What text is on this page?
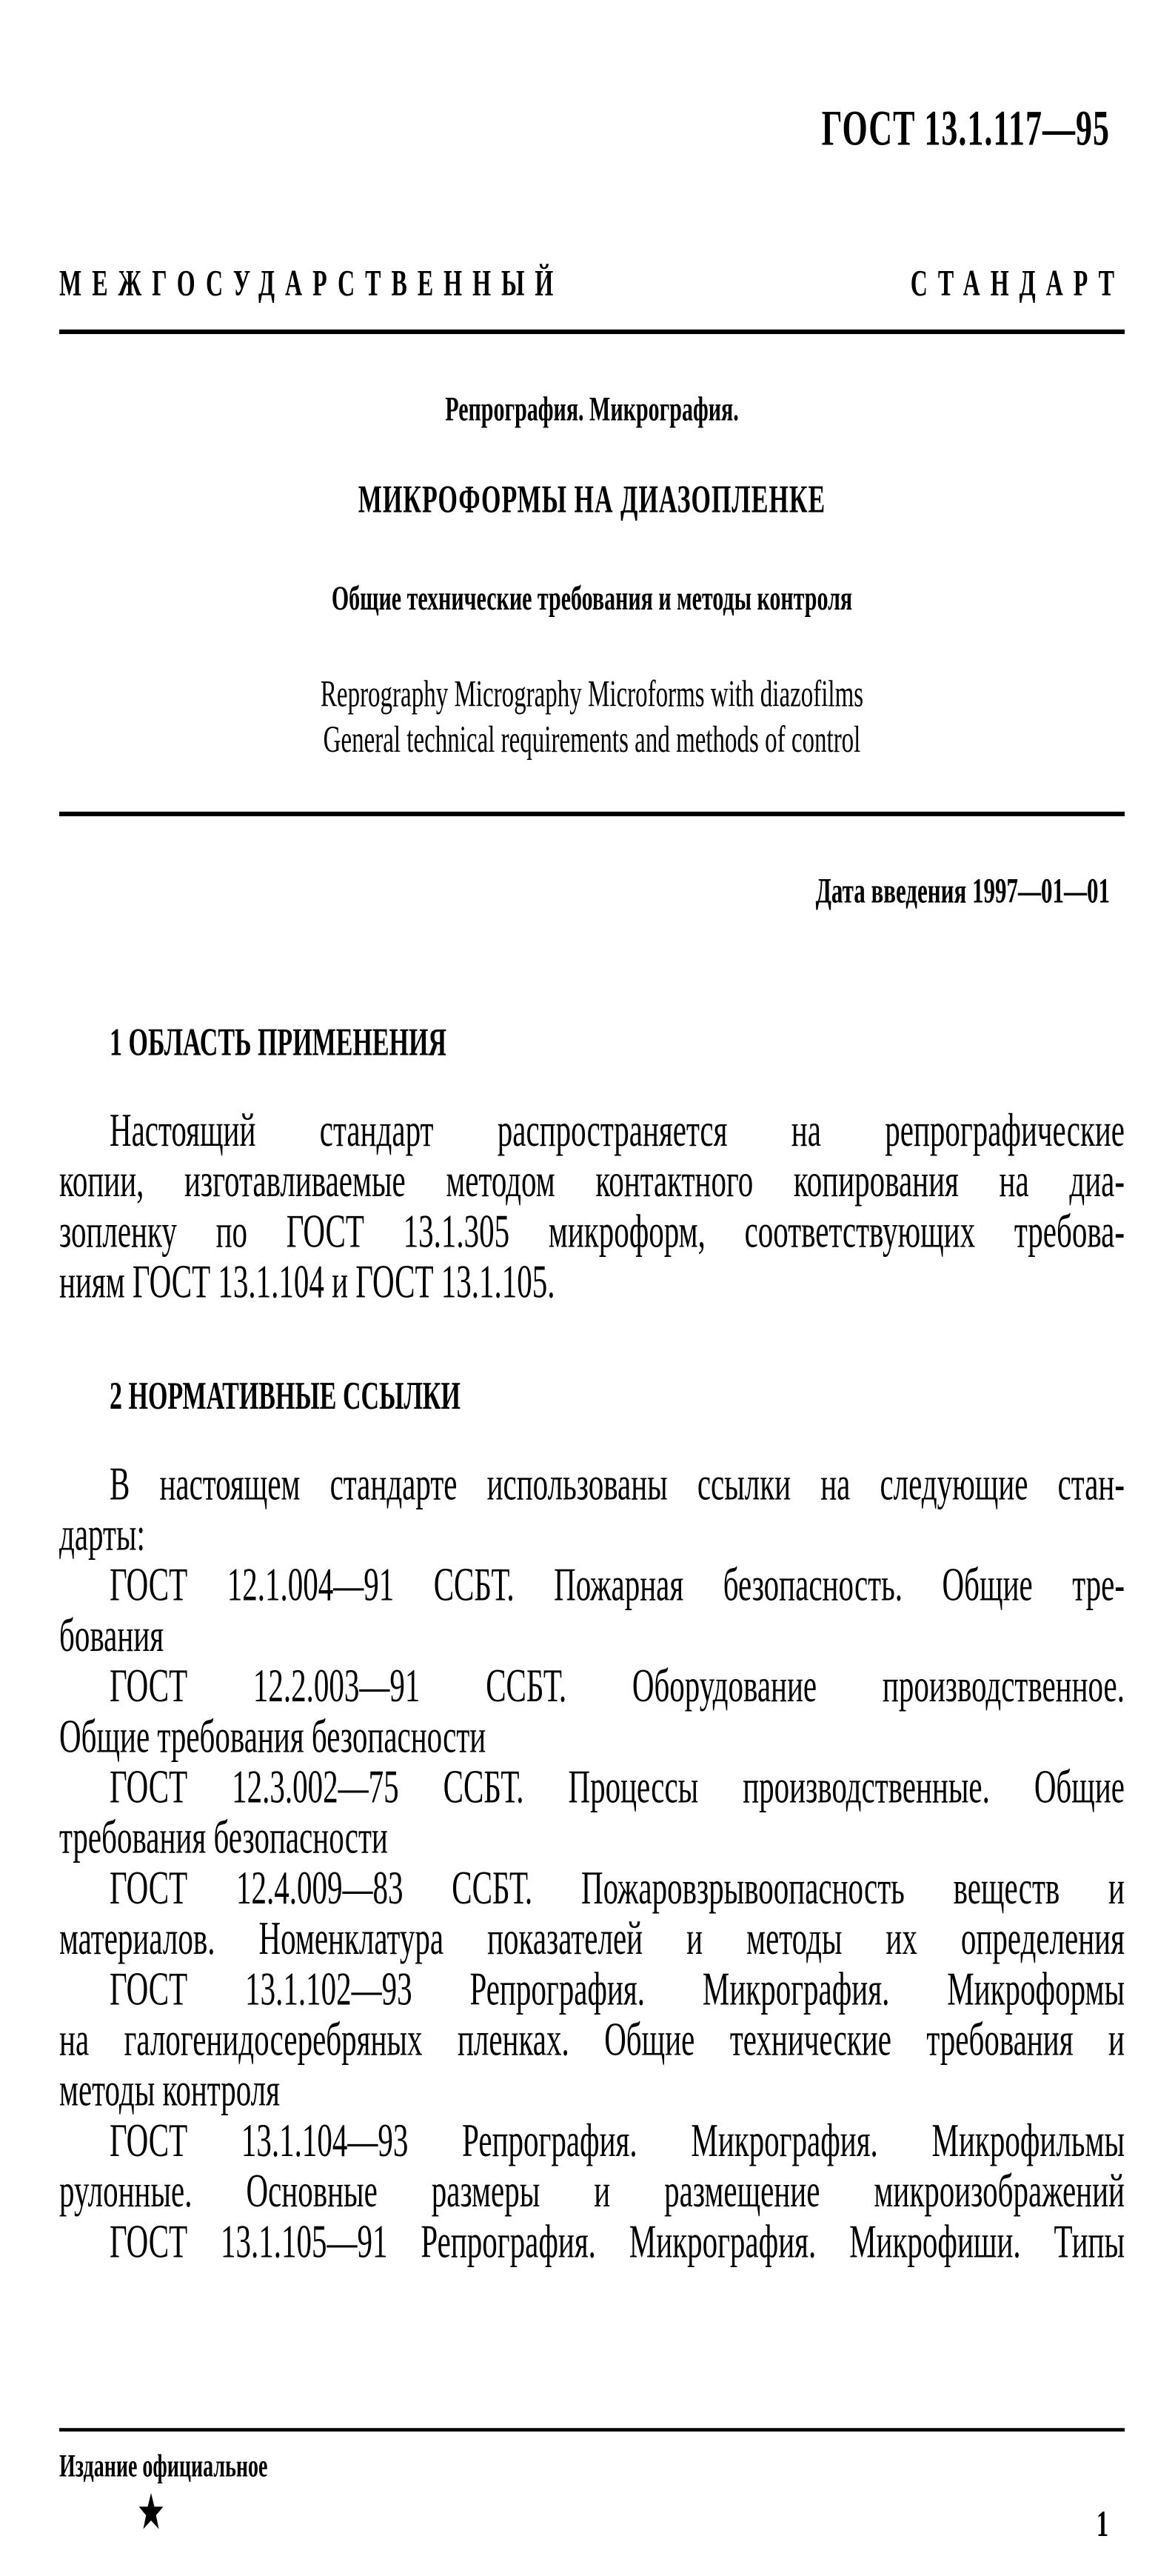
ГОСТ 13.1.117—95
МЕЖГОСУДАРСТВЕННЫЙ	СТАНДАРТ
Репрография. Микрография.
МИКРОФОРМЫ НА ДИАЗОПЛЕНКЕ
Общие технические требования и методы контроля
Reprography Micrography Microforms with diazofilms
General technical requirements and methods of control
Дата введения 1997—01—01
1 ОБЛАСТЬ ПРИМЕНЕНИЯ
Настоящий стандарт распространяется на репрографические
копии, изготавливаемые методом контактного копирования на диа-
зопленку по ГОСТ 13.1.305 микроформ, соответствующих требова-
ниям ГОСТ 13.1.104 и ГОСТ 13.1.105.
2 НОРМАТИВНЫЕ ССЫЛКИ
В настоящем стандарте использованы ссылки на следующие стан-
дарты:
ГОСТ 12.1.004—91 ССБТ. Пожарная безопасность. Общие тре-
бования
ГОСТ 12.2.003—91 ССБТ. Оборудование производственное.
Общие требования безопасности
ГОСТ 12.3.002—75 ССБТ. Процессы производственные. Общие
требования безопасности
ГОСТ 12.4.009—83 ССБТ. Пожаровзрывоопасность веществ и
материалов. Номенклатура показателей и методы их определения
ГОСТ 13.1.102—93 Репрография. Микрография. Микроформы
на галогенидосеребряных пленках. Общие технические требования и
методы контроля
ГОСТ 13.1.104—93 Репрография. Микрография. Микрофильмы
рулонные. Основные размеры и размещение микроизображений
ГОСТ 13.1.105—91 Репрография. Микрография. Микрофиши. Типы
Издание официальное
1
